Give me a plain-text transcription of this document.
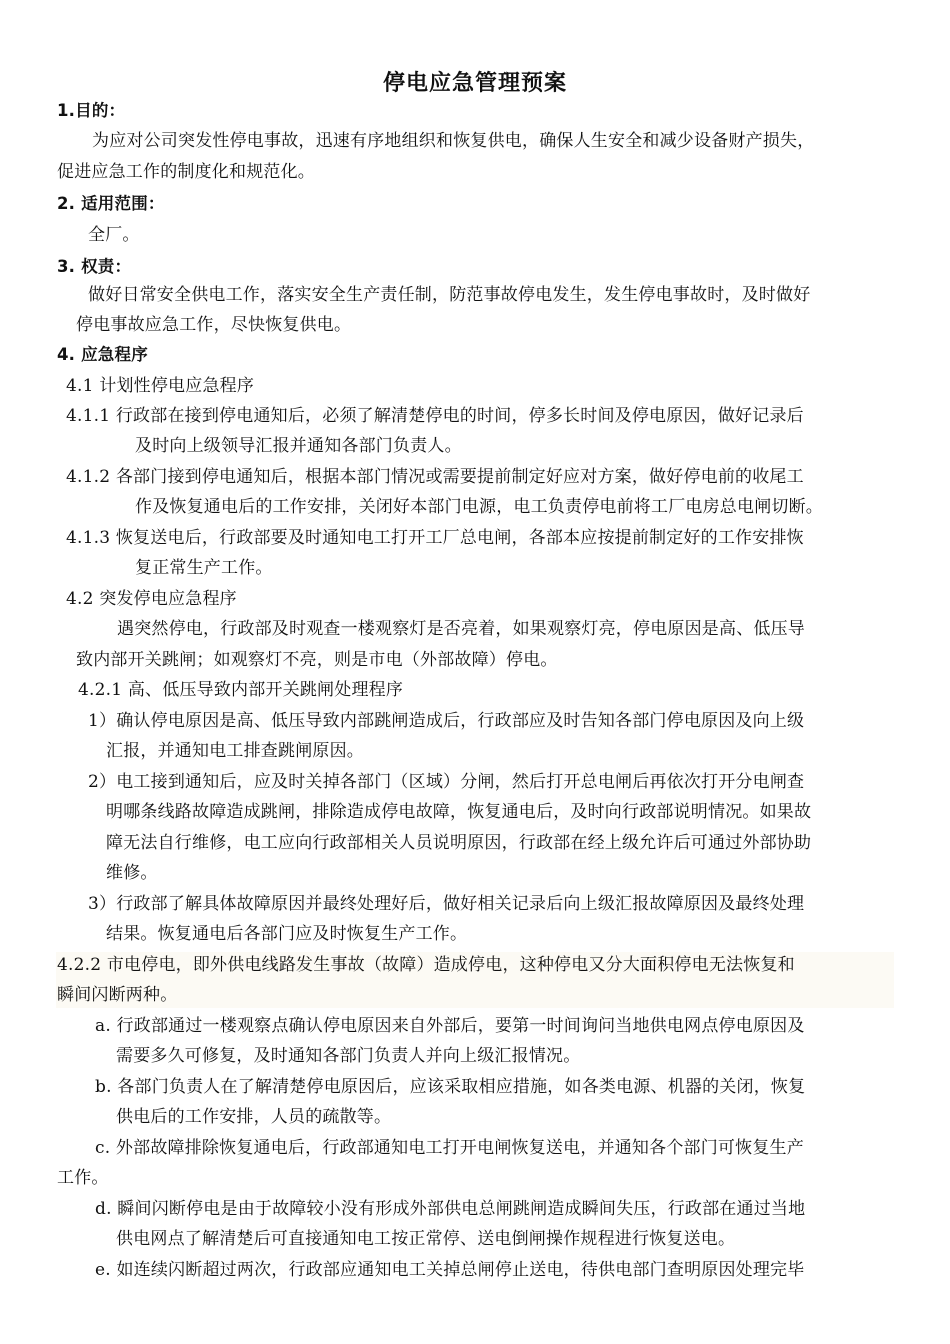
停电应急管理预案
1.目的：
为应对公司突发性停电事故，迅速有序地组织和恢复供电，确保人生安全和减少设备财产损失，
促进应急工作的制度化和规范化。
2. 适用范围：
全厂。
3. 权责：
做好日常安全供电工作，落实安全生产责任制，防范事故停电发生，发生停电事故时，及时做好
停电事故应急工作，尽快恢复供电。
4. 应急程序
4.1 计划性停电应急程序
4.1.1 行政部在接到停电通知后，必须了解清楚停电的时间，停多长时间及停电原因，做好记录后
及时向上级领导汇报并通知各部门负责人。
4.1.2 各部门接到停电通知后，根据本部门情况或需要提前制定好应对方案，做好停电前的收尾工
作及恢复通电后的工作安排，关闭好本部门电源，电工负责停电前将工厂电房总电闸切断。
4.1.3 恢复送电后，行政部要及时通知电工打开工厂总电闸，各部本应按提前制定好的工作安排恢
复正常生产工作。
4.2 突发停电应急程序
遇突然停电，行政部及时观查一楼观察灯是否亮着，如果观察灯亮，停电原因是高、低压导
致内部开关跳闸；如观察灯不亮，则是市电（外部故障）停电。
4.2.1 高、低压导致内部开关跳闸处理程序
1）确认停电原因是高、低压导致内部跳闸造成后，行政部应及时告知各部门停电原因及向上级
汇报，并通知电工排查跳闸原因。
2）电工接到通知后，应及时关掉各部门（区域）分闸，然后打开总电闸后再依次打开分电闸查
明哪条线路故障造成跳闸，排除造成停电故障，恢复通电后，及时向行政部说明情况。如果故
障无法自行维修，电工应向行政部相关人员说明原因，行政部在经上级允许后可通过外部协助
维修。
3）行政部了解具体故障原因并最终处理好后，做好相关记录后向上级汇报故障原因及最终处理
结果。恢复通电后各部门应及时恢复生产工作。
4.2.2 市电停电，即外供电线路发生事故（故障）造成停电，这种停电又分大面积停电无法恢复和
瞬间闪断两种。
a. 行政部通过一楼观察点确认停电原因来自外部后，要第一时间询问当地供电网点停电原因及
需要多久可修复，及时通知各部门负责人并向上级汇报情况。
b. 各部门负责人在了解清楚停电原因后，应该采取相应措施，如各类电源、机器的关闭，恢复
供电后的工作安排，人员的疏散等。
c. 外部故障排除恢复通电后，行政部通知电工打开电闸恢复送电，并通知各个部门可恢复生产
工作。
d. 瞬间闪断停电是由于故障较小没有形成外部供电总闸跳闸造成瞬间失压，行政部在通过当地
供电网点了解清楚后可直接通知电工按正常停、送电倒闸操作规程进行恢复送电。
e. 如连续闪断超过两次，行政部应通知电工关掉总闸停止送电，待供电部门查明原因处理完毕
